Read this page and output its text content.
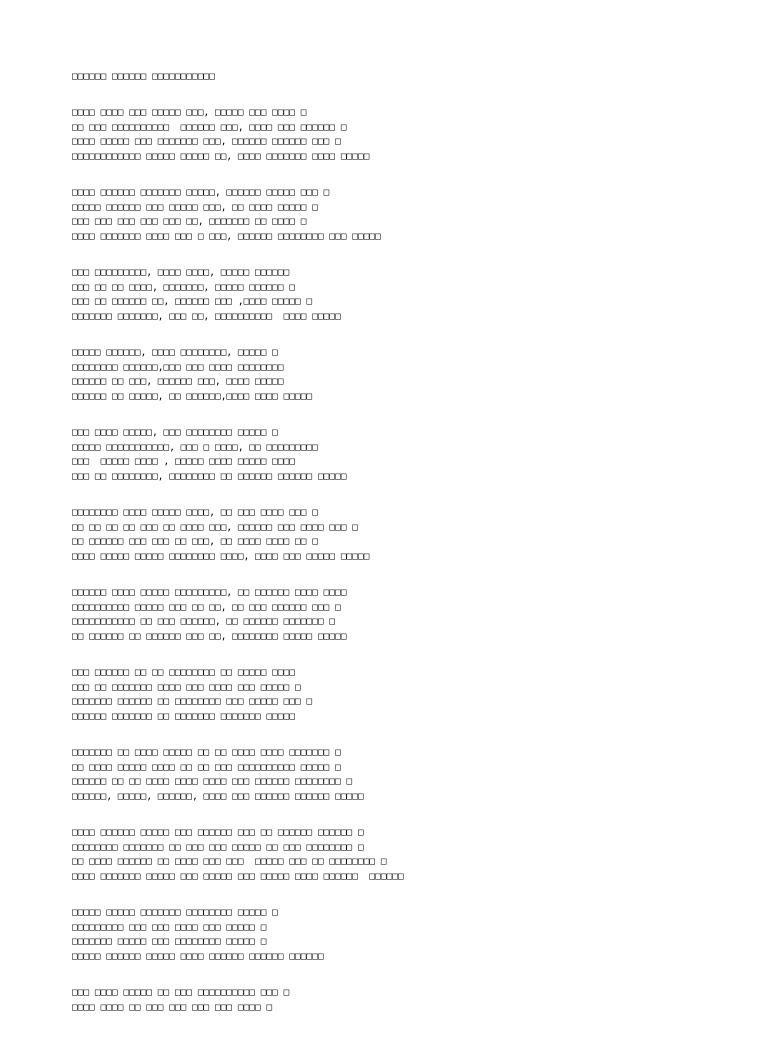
□□□□□□ □□□□□□ □□□□□□□□□□□
□□□□ □□□□ □□□ □□□□□ □□□, □□□□□ □□□ □□□□ □
□□ □□□ □□□□□□□□□□  □□□□□□ □□□, □□□□ □□□ □□□□□□ □
□□□□ □□□□□ □□□ □□□□□□□ □□□, □□□□□□ □□□□□□ □□□ □
□□□□□□□□□□□□ □□□□□ □□□□□ □□, □□□□ □□□□□□□ □□□□ □□□□□
□□□□ □□□□□□ □□□□□□□ □□□□□, □□□□□□ □□□□□ □□□ □
□□□□□ □□□□□□ □□□ □□□□□ □□□, □□ □□□□ □□□□□ □
□□□ □□□ □□□ □□□ □□□ □□, □□□□□□□ □□ □□□□ □
□□□□ □□□□□□□ □□□□ □□□ □ □□□, □□□□□□ □□□□□□□□ □□□ □□□□□
□□□ □□□□□□□□□, □□□□ □□□□, □□□□□ □□□□□□
□□□ □□ □□ □□□□, □□□□□□□, □□□□□ □□□□□□ □
□□□ □□ □□□□□□ □□, □□□□□□ □□□ ,□□□□ □□□□□ □
□□□□□□□ □□□□□□□, □□□ □□, □□□□□□□□□□  □□□□ □□□□□
□□□□□ □□□□□□, □□□□ □□□□□□□□, □□□□□ □
□□□□□□□□ □□□□□□,□□□ □□□ □□□□ □□□□□□□□
□□□□□□ □□ □□□, □□□□□□ □□□, □□□□ □□□□□
□□□□□□ □□ □□□□□, □□ □□□□□□,□□□□ □□□□ □□□□□
□□□ □□□□ □□□□□, □□□ □□□□□□□□ □□□□□ □
□□□□□ □□□□□□□□□□□, □□□ □ □□□□, □□ □□□□□□□□□
□□□  □□□□□ □□□□ , □□□□□ □□□□ □□□□□ □□□□
□□□ □□ □□□□□□□□, □□□□□□□□ □□ □□□□□□ □□□□□□ □□□□□
□□□□□□□□ □□□□ □□□□□ □□□□, □□ □□□ □□□□ □□□ □
□□ □□ □□ □□ □□□ □□ □□□□ □□□, □□□□□□ □□□ □□□□ □□□ □
□□ □□□□□□ □□□ □□□ □□ □□□, □□ □□□□ □□□□ □□ □
□□□□ □□□□□ □□□□□ □□□□□□□□ □□□□, □□□□ □□□ □□□□□ □□□□□
□□□□□□ □□□□ □□□□□ □□□□□□□□□, □□ □□□□□□ □□□□ □□□□
□□□□□□□□□□ □□□□□ □□□ □□ □□, □□ □□□ □□□□□□ □□□ □
□□□□□□□□□□□ □□ □□□ □□□□□□, □□ □□□□□□ □□□□□□□ □
□□ □□□□□□ □□ □□□□□□ □□□ □□, □□□□□□□□ □□□□□ □□□□□
□□□ □□□□□□ □□ □□ □□□□□□□□ □□ □□□□□ □□□□
□□□ □□ □□□□□□□ □□□□ □□□ □□□□ □□□ □□□□□ □
□□□□□□□ □□□□□□ □□ □□□□□□□□ □□□ □□□□□ □□□ □
□□□□□□ □□□□□□□ □□ □□□□□□□ □□□□□□□ □□□□□
□□□□□□□ □□ □□□□ □□□□□ □□ □□ □□□□ □□□□ □□□□□□□ □
□□ □□□□ □□□□□ □□□□ □□ □□ □□□ □□□□□□□□□□ □□□□□ □
□□□□□□ □□ □□ □□□□ □□□□ □□□□ □□□ □□□□□□ □□□□□□□□ □
□□□□□□, □□□□□, □□□□□□, □□□□ □□□ □□□□□□ □□□□□□ □□□□□
□□□□ □□□□□□ □□□□□ □□□ □□□□□□ □□□ □□ □□□□□□ □□□□□□ □
□□□□□□□□ □□□□□□□ □□ □□□ □□□ □□□□□ □□ □□□ □□□□□□□□ □
□□ □□□□ □□□□□□ □□ □□□□ □□□ □□□  □□□□□ □□□ □□ □□□□□□□□ □
□□□□ □□□□□□□ □□□□□ □□□ □□□□□ □□□ □□□□□ □□□□ □□□□□□  □□□□□□
□□□□□ □□□□□ □□□□□□□ □□□□□□□□ □□□□□ □
□□□□□□□□□ □□□ □□□ □□□□ □□□ □□□□□ □
□□□□□□□ □□□□□ □□□ □□□□□□□□ □□□□□ □
□□□□□ □□□□□□ □□□□□ □□□□ □□□□□□ □□□□□□ □□□□□□
□□□ □□□□ □□□□□ □□ □□□ □□□□□□□□□□ □□□ □
□□□□ □□□□ □□ □□□ □□□ □□□ □□□ □□□□ □
